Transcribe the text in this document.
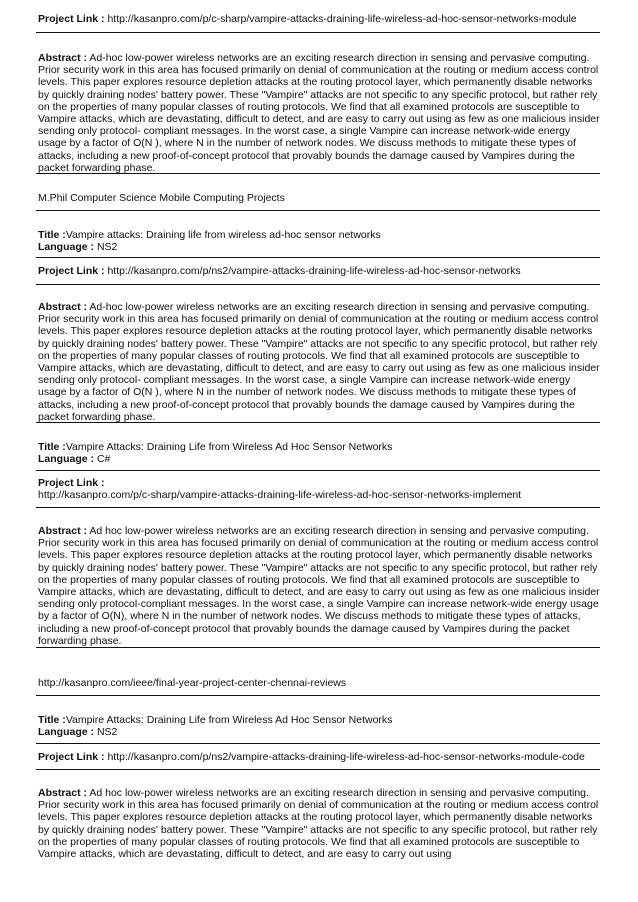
Project Link : http://kasanpro.com/p/c-sharp/vampire-attacks-draining-life-wireless-ad-hoc-sensor-networks-module
Abstract : Ad-hoc low-power wireless networks are an exciting research direction in sensing and pervasive computing. Prior security work in this area has focused primarily on denial of communication at the routing or medium access control levels. This paper explores resource depletion attacks at the routing protocol layer, which permanently disable networks by quickly draining nodes' battery power. These "Vampire" attacks are not specific to any specific protocol, but rather rely on the properties of many popular classes of routing protocols. We find that all examined protocols are susceptible to Vampire attacks, which are devastating, difficult to detect, and are easy to carry out using as few as one malicious insider sending only protocol- compliant messages. In the worst case, a single Vampire can increase network-wide energy usage by a factor of O(N ), where N in the number of network nodes. We discuss methods to mitigate these types of attacks, including a new proof-of-concept protocol that provably bounds the damage caused by Vampires during the packet forwarding phase.
M.Phil Computer Science Mobile Computing Projects
Title :Vampire attacks: Draining life from wireless ad-hoc sensor networks
Language : NS2
Project Link : http://kasanpro.com/p/ns2/vampire-attacks-draining-life-wireless-ad-hoc-sensor-networks
Abstract : Ad-hoc low-power wireless networks are an exciting research direction in sensing and pervasive computing. Prior security work in this area has focused primarily on denial of communication at the routing or medium access control levels. This paper explores resource depletion attacks at the routing protocol layer, which permanently disable networks by quickly draining nodes' battery power. These "Vampire" attacks are not specific to any specific protocol, but rather rely on the properties of many popular classes of routing protocols. We find that all examined protocols are susceptible to Vampire attacks, which are devastating, difficult to detect, and are easy to carry out using as few as one malicious insider sending only protocol- compliant messages. In the worst case, a single Vampire can increase network-wide energy usage by a factor of O(N ), where N in the number of network nodes. We discuss methods to mitigate these types of attacks, including a new proof-of-concept protocol that provably bounds the damage caused by Vampires during the packet forwarding phase.
Title :Vampire Attacks: Draining Life from Wireless Ad Hoc Sensor Networks
Language : C#
Project Link :
http://kasanpro.com/p/c-sharp/vampire-attacks-draining-life-wireless-ad-hoc-sensor-networks-implement
Abstract : Ad hoc low-power wireless networks are an exciting research direction in sensing and pervasive computing. Prior security work in this area has focused primarily on denial of communication at the routing or medium access control levels. This paper explores resource depletion attacks at the routing protocol layer, which permanently disable networks by quickly draining nodes' battery power. These "Vampire" attacks are not specific to any specific protocol, but rather rely on the properties of many popular classes of routing protocols. We find that all examined protocols are susceptible to Vampire attacks, which are devastating, difficult to detect, and are easy to carry out using as few as one malicious insider sending only protocol-compliant messages. In the worst case, a single Vampire can increase network-wide energy usage by a factor of O(N), where N in the number of network nodes. We discuss methods to mitigate these types of attacks, including a new proof-of-concept protocol that provably bounds the damage caused by Vampires during the packet forwarding phase.
http://kasanpro.com/ieee/final-year-project-center-chennai-reviews
Title :Vampire Attacks: Draining Life from Wireless Ad Hoc Sensor Networks
Language : NS2
Project Link : http://kasanpro.com/p/ns2/vampire-attacks-draining-life-wireless-ad-hoc-sensor-networks-module-code
Abstract : Ad hoc low-power wireless networks are an exciting research direction in sensing and pervasive computing. Prior security work in this area has focused primarily on denial of communication at the routing or medium access control levels. This paper explores resource depletion attacks at the routing protocol layer, which permanently disable networks by quickly draining nodes' battery power. These "Vampire" attacks are not specific to any specific protocol, but rather rely on the properties of many popular classes of routing protocols. We find that all examined protocols are susceptible to Vampire attacks, which are devastating, difficult to detect, and are easy to carry out using
